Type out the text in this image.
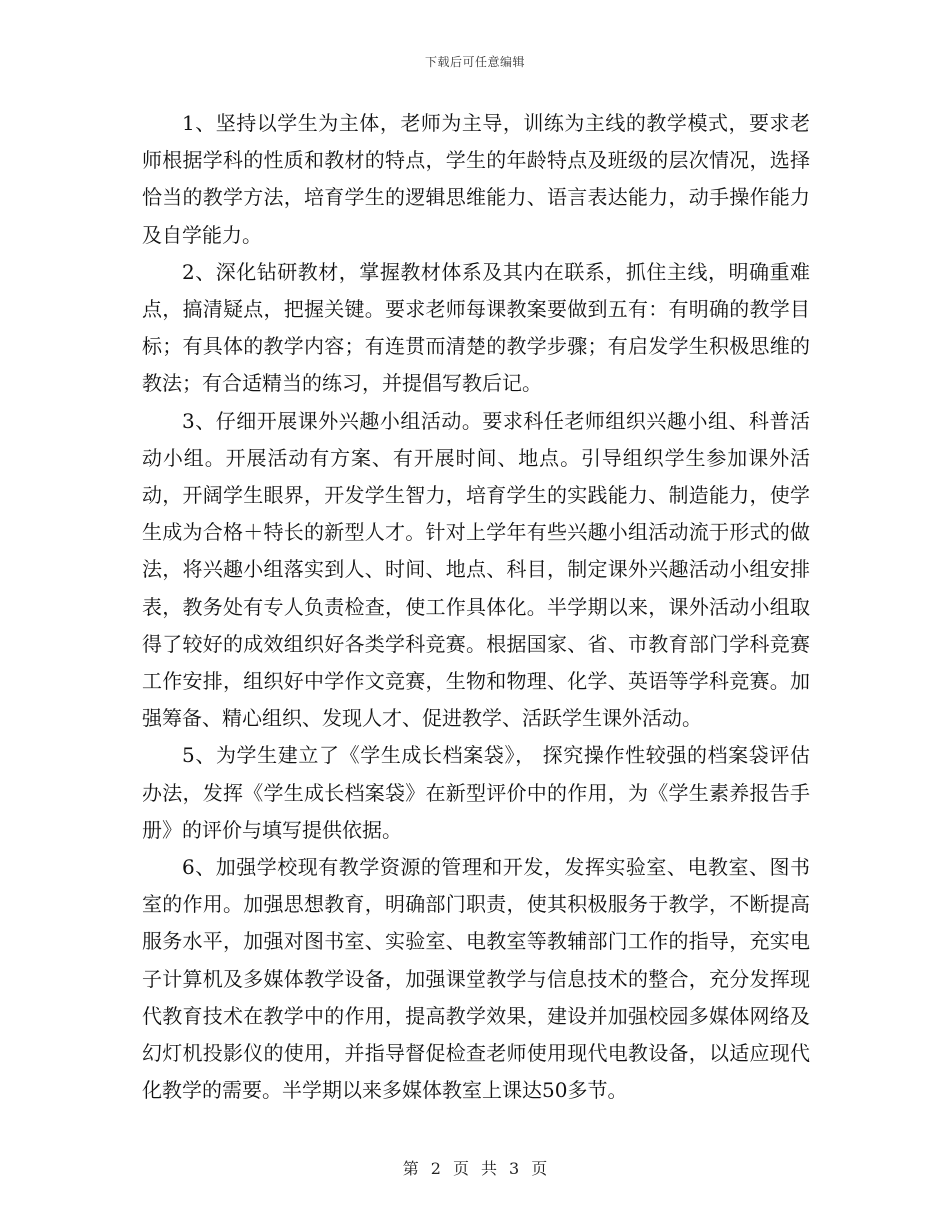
下载后可任意编辑

1、坚持以学生为主体，老师为主导，训练为主线的教学模式，要求老师根据学科的性质和教材的特点，学生的年龄特点及班级的层次情况，选择恰当的教学方法，培育学生的逻辑思维能力、语言表达能力，动手操作能力及自学能力。

2、深化钻研教材，掌握教材体系及其内在联系，抓住主线，明确重难点，搞清疑点，把握关键。要求老师每课教案要做到五有：有明确的教学目标；有具体的教学内容；有连贯而清楚的教学步骤；有启发学生积极思维的教法；有合适精当的练习，并提倡写教后记。

3、仔细开展课外兴趣小组活动。要求科任老师组织兴趣小组、科普活动小组。开展活动有方案、有开展时间、地点。引导组织学生参加课外活动，开阔学生眼界，开发学生智力，培育学生的实践能力、制造能力，使学生成为合格＋特长的新型人才。针对上学年有些兴趣小组活动流于形式的做法，将兴趣小组落实到人、时间、地点、科目，制定课外兴趣活动小组安排表，教务处有专人负责检查，使工作具体化。半学期以来，课外活动小组取得了较好的成效组织好各类学科竞赛。根据国家、省、市教育部门学科竞赛工作安排，组织好中学作文竞赛，生物和物理、化学、英语等学科竞赛。加强筹备、精心组织、发现人才、促进教学、活跃学生课外活动。

5、为学生建立了《学生成长档案袋》， 探究操作性较强的档案袋评估办法，发挥《学生成长档案袋》在新型评价中的作用，为《学生素养报告手册》的评价与填写提供依据。

6、加强学校现有教学资源的管理和开发，发挥实验室、电教室、图书室的作用。加强思想教育，明确部门职责，使其积极服务于教学，不断提高服务水平，加强对图书室、实验室、电教室等教辅部门工作的指导，充实电子计算机及多媒体教学设备，加强课堂教学与信息技术的整合，充分发挥现代教育技术在教学中的作用，提高教学效果，建设并加强校园多媒体网络及幻灯机投影仪的使用，并指导督促检查老师使用现代电教设备，以适应现代化教学的需要。半学期以来多媒体教室上课达50多节。

第 2 页 共 3 页
